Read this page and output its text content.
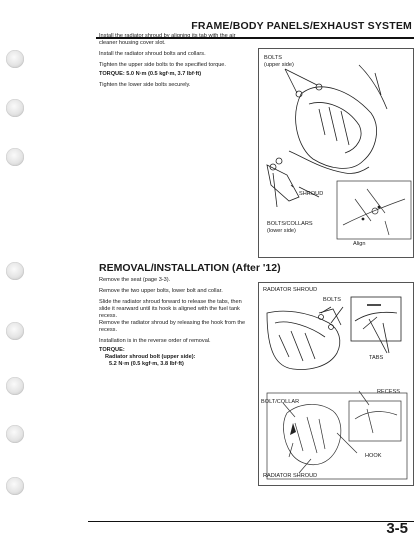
FRAME/BODY PANELS/EXHAUST SYSTEM

Install the radiator shroud by aligning its tab with the air cleaner housing cover slot.

Install the radiator shroud bolts and collars.

Tighten the upper side bolts to the specified torque.

TORQUE: 5.0 N·m (0.5 kgf·m, 3.7 lbf·ft)

Tighten the lower side bolts securely.

BOLTS
(upper side)
SHROUD
BOLTS/COLLARS
(lower side)
Align
REMOVAL/INSTALLATION (After '12)

Remove the seat (page 3-3).

Remove the two upper bolts, lower bolt and collar.

Slide the radiator shroud forward to release the tabs, then slide it rearward until its hook is aligned with the fuel tank recess.

Remove the radiator shroud by releasing the hook from the recess.

Installation is in the reverse order of removal.

TORQUE:

Radiator shroud bolt (upper side):

5.2 N·m (0.5 kgf·m, 3.8 lbf·ft)

RADIATOR SHROUD
BOLTS
TABS
RECESS
BOLT/COLLAR
HOOK
RADIATOR SHROUD
3-5
